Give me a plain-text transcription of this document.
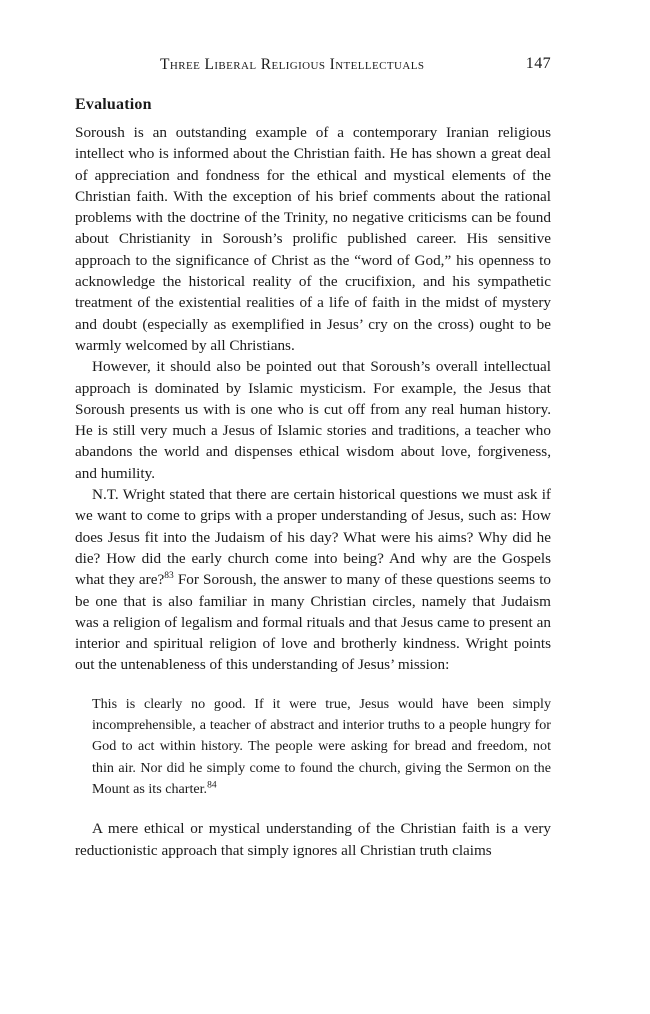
Three Liberal Religious Intellectuals	147
Evaluation

Soroush is an outstanding example of a contemporary Iranian religious intellect who is informed about the Christian faith. He has shown a great deal of appreciation and fondness for the ethical and mystical elements of the Christian faith. With the exception of his brief comments about the rational problems with the doctrine of the Trinity, no negative criticisms can be found about Christianity in Soroush’s prolific published career. His sensitive approach to the significance of Christ as the “word of God,” his openness to acknowledge the historical reality of the crucifixion, and his sympathetic treatment of the existential realities of a life of faith in the midst of mystery and doubt (especially as exemplified in Jesus’ cry on the cross) ought to be warmly welcomed by all Christians.

However, it should also be pointed out that Soroush’s overall intellectual approach is dominated by Islamic mysticism. For example, the Jesus that Soroush presents us with is one who is cut off from any real human history. He is still very much a Jesus of Islamic stories and traditions, a teacher who abandons the world and dispenses ethical wisdom about love, forgiveness, and humility.

N.T. Wright stated that there are certain historical questions we must ask if we want to come to grips with a proper understanding of Jesus, such as: How does Jesus fit into the Judaism of his day? What were his aims? Why did he die? How did the early church come into being? And why are the Gospels what they are?$^{83}$ For Soroush, the answer to many of these questions seems to be one that is also familiar in many Christian circles, namely that Judaism was a religion of legalism and formal rituals and that Jesus came to present an interior and spiritual religion of love and brotherly kindness. Wright points out the untenableness of this understanding of Jesus’ mission:

This is clearly no good. If it were true, Jesus would have been simply incomprehensible, a teacher of abstract and interior truths to a people hungry for God to act within history. The people were asking for bread and freedom, not thin air. Nor did he simply come to found the church, giving the Sermon on the Mount as its charter.$^{84}$

A mere ethical or mystical understanding of the Christian faith is a very reductionistic approach that simply ignores all Christian truth claims
